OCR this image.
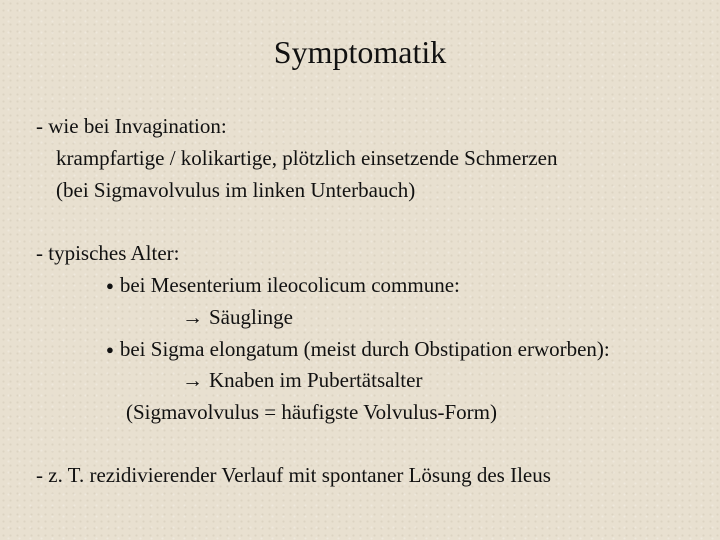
Symptomatik
- wie bei Invagination:
krampfartige / kolikartige, plötzlich einsetzende Schmerzen
(bei Sigmavolvulus im linken Unterbauch)
- typisches Alter:
● bei Mesenterium ileocolicum commune:
→ Säuglinge
● bei Sigma elongatum (meist durch Obstipation erworben):
→ Knaben im Pubertätsalter
(Sigmavolvulus = häufigste Volvulus-Form)
- z. T. rezidivierender Verlauf mit spontaner Lösung des Ileus
